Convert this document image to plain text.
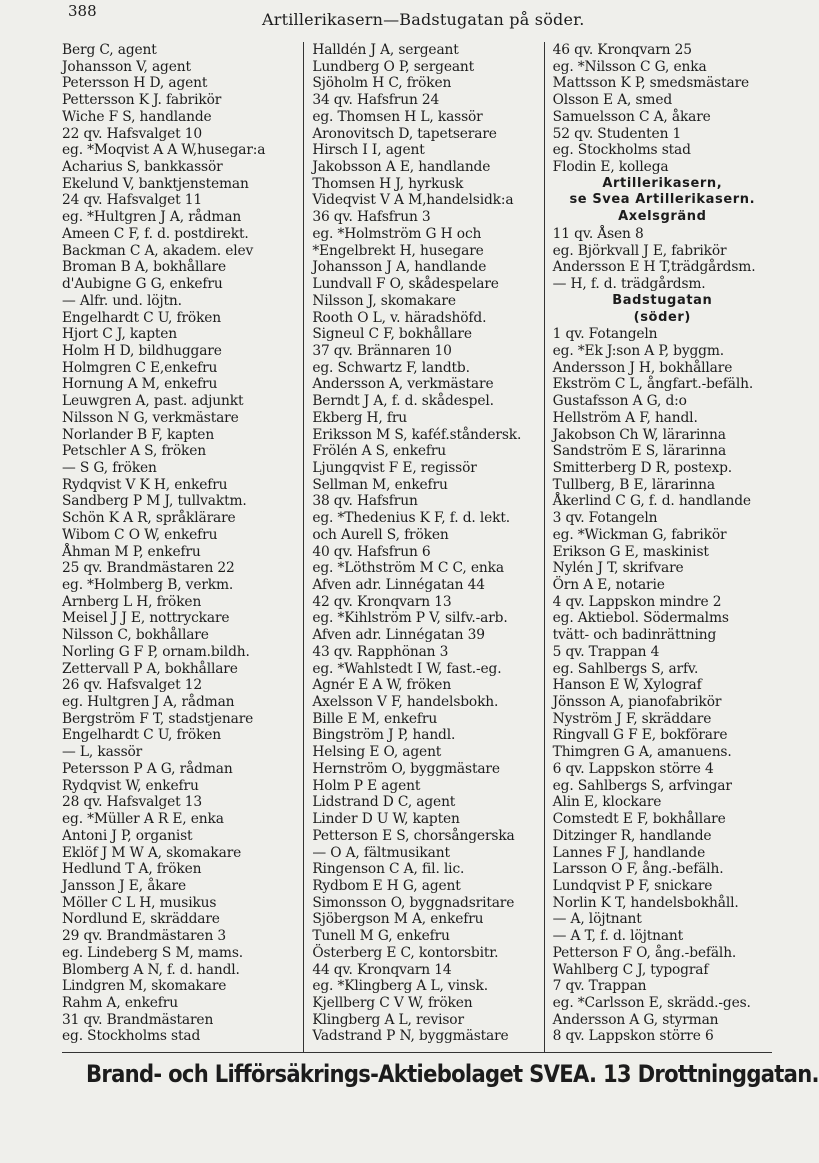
388	Artillerikasern—Badstugatan på söder.
Berg C, agent
Johansson V, agent
Petersson H D, agent
Pettersson K J. fabrikör
Wiche F S, handlande
22 qv. Hafsvalget 10
eg. *Moqvist A A W,husegar:a
Acharius S, bankkassör
Ekelund V, banktjensteman
24 qv. Hafsvalget 11
eg. *Hultgren J A, rådman
Ameen C F, f. d. postdirekt.
Backman C A, akadem. elev
Broman B A, bokhållare
d'Aubigne G G, enkefru
— Alfr. und. löjtn.
Engelhardt C U, fröken
Hjort C J, kapten
Holm H D, bildhuggare
Holmgren C E,enkefru
Hornung A M, enkefru
Leuwgren A, past. adjunkt
Nilsson N G, verkmästare
Norlander B F, kapten
Petschler A S, fröken
— S G, fröken
Rydqvist V K H, enkefru
Sandberg P M J, tullvaktm.
Schön K A R, språklärare
Wibom C O W, enkefru
Åhman M P, enkefru
25 qv. Brandmästaren 22
eg. *Holmberg B, verkm.
Arnberg L H, fröken
Meisel J J E, nottryckare
Nilsson C, bokhållare
Norling G F P, ornam.bildh.
Zettervall P A, bokhållare
26 qv. Hafsvalget 12
eg. Hultgren J A, rådman
Bergström F T, stadstjenare
Engelhardt C U, fröken
— L, kassör
Petersson P A G, rådman
Rydqvist W, enkefru
28 qv. Hafsvalget 13
eg. *Müller A R E, enka
Antoni J P, organist
Eklöf J M W A, skomakare
Hedlund T A, fröken
Jansson J E, åkare
Möller C L H, musikus
Nordlund E, skräddare
29 qv. Brandmästaren 3
eg. Lindeberg S M, mams.
Blomberg A N, f. d. handl.
Lindgren M, skomakare
Rahm A, enkefru
31 qv. Brandmästaren
eg. Stockholms stad
Halldén J A, sergeant
Lundberg O P, sergeant
Sjöholm H C, fröken
34 qv. Hafsfrun 24
eg. Thomsen H L, kassör
Aronovitsch D, tapetserare
Hirsch I I, agent
Jakobsson A E, handlande
Thomsen H J, hyrkusk
Videqvist V A M,handelsidk:a
36 qv. Hafsfrun 3
eg. *Holmström G H och
*Engelbrekt H, husegare
Johansson J A, handlande
Lundvall F O, skådespelare
Nilsson J, skomakare
Rooth O L, v. häradshöfd.
Signeul C F, bokhållare
37 qv. Brännaren 10
eg. Schwartz F, landtb.
Andersson A, verkmästare
Berndt J A, f. d. skådespel.
Ekberg H, fru
Eriksson M S, kaféf.ståndersk.
Frölén A S, enkefru
Ljungqvist F E, regissör
Sellman M, enkefru
38 qv. Hafsfrun
eg. *Thedenius K F, f. d. lekt.
och Aurell S, fröken
40 qv. Hafsfrun 6
eg. *Löthström M C C, enka
Afven adr. Linnégatan 44
42 qv. Kronqvarn 13
eg. *Kihlström P V, silfv.-arb.
Afven adr. Linnégatan 39
43 qv. Rapphönan 3
eg. *Wahlstedt I W, fast.-eg.
Agnér E A W, fröken
Axelsson V F, handelsbokh.
Bille E M, enkefru
Bingström J P, handl.
Helsing E O, agent
Hernström O, byggmästare
Holm P E agent
Lidstrand D C, agent
Linder D U W, kapten
Petterson E S, chorsångerska
— O A, fältmusikant
Ringenson C A, fil. lic.
Rydbom E H G, agent
Simonsson O, byggnadsritare
Sjöbergson M A, enkefru
Tunell M G, enkefru
Österberg E C, kontorsbitr.
44 qv. Kronqvarn 14
eg. *Klingberg A L, vinsk.
Kjellberg C V W, fröken
Klingberg A L, revisor
Vadstrand P N, byggmästare
46 qv. Kronqvarn 25
eg. *Nilsson C G, enka
Mattsson K P, smedsmästare
Olsson E A, smed
Samuelsson C A, åkare
52 qv. Studenten 1
eg. Stockholms stad
Flodin E, kollega
Artillerikasern,
se Svea Artillerikasern.
Axelsgränd
11 qv. Åsen 8
eg. Björkvall J E, fabrikör
Andersson E H T,trädgårdsm.
— H, f. d. trädgårdsm.
Badstugatan
(söder)
1 qv. Fotangeln
eg. *Ek J:son A P, byggm.
Andersson J H, bokhållare
Ekström C L, ångfart.-befälh.
Gustafsson A G, d:o
Hellström A F, handl.
Jakobson Ch W, lärarinna
Sandström E S, lärarinna
Smitterberg D R, postexp.
Tullberg, B E, lärarinna
Åkerlind C G, f. d. handlande
3 qv. Fotangeln
eg. *Wickman G, fabrikör
Erikson G E, maskinist
Nylén J T, skrifvare
Örn A E, notarie
4 qv. Lappskon mindre 2
eg. Aktiebol. Södermalms
tvätt- och badinrättning
5 qv. Trappan 4
eg. Sahlbergs S, arfv.
Hanson E W, Xylograf
Jönsson A, pianofabrikör
Nyström J F, skräddare
Ringvall G F E, bokförare
Thimgren G A, amanuens.
6 qv. Lappskon större 4
eg. Sahlbergs S, arfvingar
Alin E, klockare
Comstedt E F, bokhållare
Ditzinger R, handlande
Lannes F J, handlande
Larsson O F, ång.-befälh.
Lundqvist P F, snickare
Norlin K T, handelsbokhåll.
— A, löjtnant
— A T, f. d. löjtnant
Petterson F O, ång.-befälh.
Wahlberg C J, typograf
7 qv. Trappan
eg. *Carlsson E, skrädd.-ges.
Andersson A G, styrman
8 qv. Lappskon större 6
Brand- och Lifförsäkrings-Aktiebolaget SVEA. 13 Drottninggatan.
